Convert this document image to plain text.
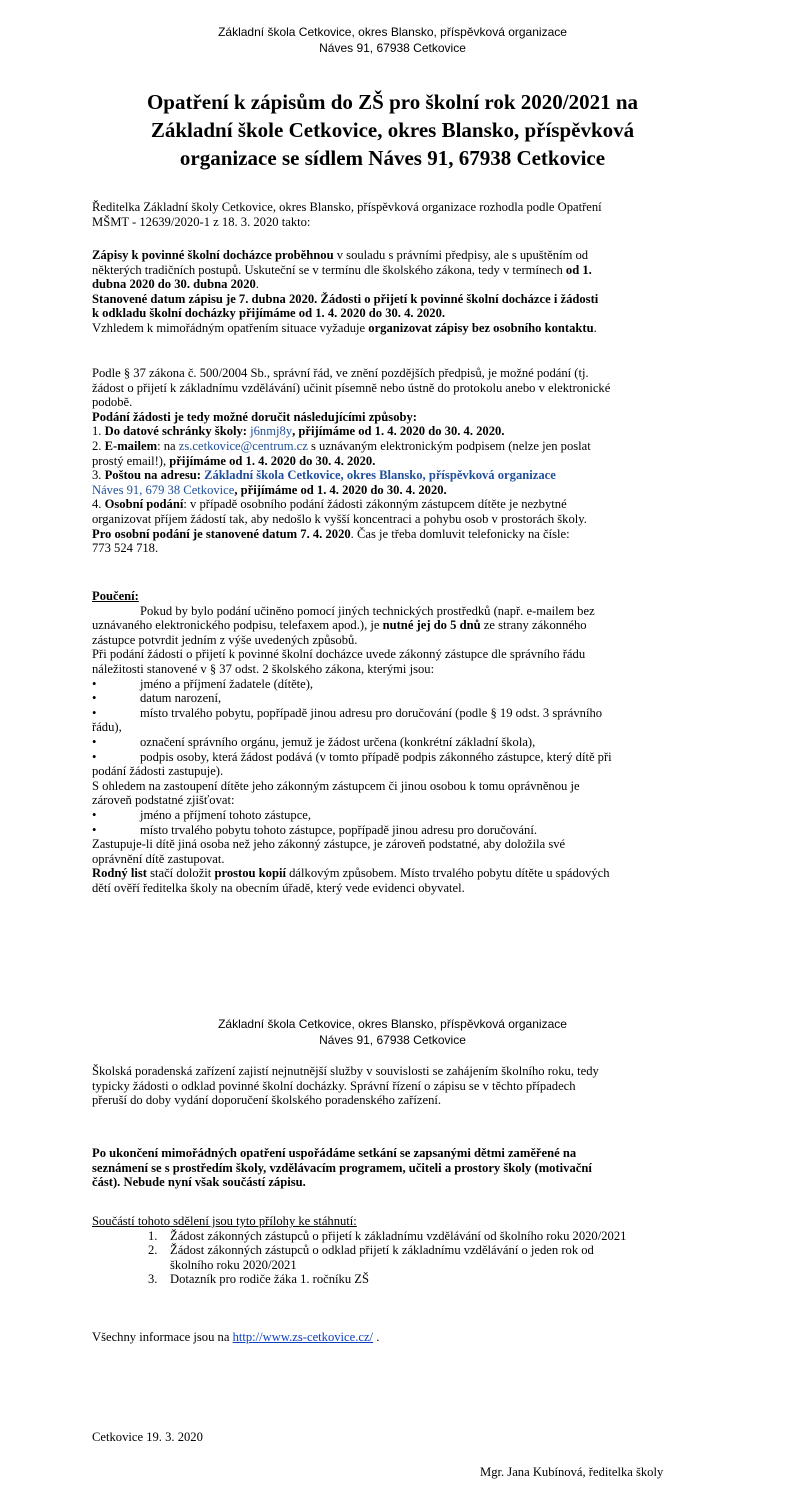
Základní škola Cetkovice, okres Blansko, příspěvková organizace
Náves 91, 67938 Cetkovice
Opatření k zápisům do ZŠ pro školní rok 2020/2021 na
Základní škole Cetkovice, okres Blansko, příspěvková
organizace se sídlem Náves 91, 67938 Cetkovice
Ředitelka Základní školy Cetkovice, okres Blansko, příspěvková organizace rozhodla podle Opatření
MŠMT - 12639/2020-1 z 18. 3. 2020 takto:
Zápisy k povinné školní docházce proběhnou v souladu s právními předpisy, ale s upuštěním od
některých tradičních postupů. Uskuteční se v termínu dle školského zákona, tedy v termínech od 1.
dubna 2020 do 30. dubna 2020.
Stanovené datum zápisu je 7. dubna 2020. Žádosti o přijetí k povinné školní docházce i žádosti
k odkladu školní docházky přijímáme od 1. 4. 2020 do 30. 4. 2020.
Vzhledem k mimořádným opatřením situace vyžaduje organizovat zápisy bez osobního kontaktu.
Podle § 37 zákona č. 500/2004 Sb., správní řád, ve znění pozdějších předpisů, je možné podání (tj.
žádost o přijetí k základnímu vzdělávání) učinit písemně nebo ústně do protokolu anebo v elektronické
podobě.
Podání žádosti je tedy možné doručit následujícími způsoby:
1. Do datové schránky školy: j6nmj8y, přijímáme od 1. 4. 2020 do 30. 4. 2020.
2. E-mailem: na zs.cetkovice@centrum.cz s uznávaným elektronickým podpisem (nelze jen poslat
prostý email!), přijímáme od 1. 4. 2020 do 30. 4. 2020.
3. Poštou na adresu: Základní škola Cetkovice, okres Blansko, příspěvková organizace
Náves 91, 679 38 Cetkovice, přijímáme od 1. 4. 2020 do 30. 4. 2020.
4. Osobní podání: v případě osobního podání žádosti zákonným zástupcem dítěte je nezbytné
organizovat příjem žádostí tak, aby nedošlo k vyšší koncentraci a pohybu osob v prostorách školy.
Pro osobní podání je stanovené datum 7. 4. 2020. Čas je třeba domluvit telefonicky na čísle:
773 524 718.
Poučení:
Pokud by bylo podání učiněno pomocí jiných technických prostředků (např. e-mailem bez
uznávaného elektronického podpisu, telefaxem apod.), je nutné jej do 5 dnů ze strany zákonného
zástupce potvrdit jedním z výše uvedených způsobů.
Při podání žádosti o přijetí k povinné školní docházce uvede zákonný zástupce dle správního řádu
náležitosti stanovené v § 37 odst. 2 školského zákona, kterými jsou:
•	jméno a příjmení žadatele (dítěte),
•	datum narození,
•	místo trvalého pobytu, popřípadě jinou adresu pro doručování (podle § 19 odst. 3 správního
řádu),
•	označení správního orgánu, jemuž je žádost určena (konkrétní základní škola),
•	podpis osoby, která žádost podává (v tomto případě podpis zákonného zástupce, který dítě při
podání žádosti zastupuje).
S ohledem na zastoupení dítěte jeho zákonným zástupcem či jinou osobou k tomu oprávněnou je
zároveň podstatné zjišťovat:
•	jméno a příjmení tohoto zástupce,
•	místo trvalého pobytu tohoto zástupce, popřípadě jinou adresu pro doručování.
Zastupuje-li dítě jiná osoba než jeho zákonný zástupce, je zároveň podstatné, aby doložila své
oprávnění dítě zastupovat.
Rodný list stačí doložit prostou kopií dálkovým způsobem. Místo trvalého pobytu dítěte u spádových
dětí ověří ředitelka školy na obecním úřadě, který vede evidenci obyvatel.
Základní škola Cetkovice, okres Blansko, příspěvková organizace
Náves 91, 67938 Cetkovice
Školská poradenská zařízení zajistí nejnutnější služby v souvislosti se zahájením školního roku, tedy
typicky žádosti o odklad povinné školní docházky. Správní řízení o zápisu se v těchto případech
přeruší do doby vydání doporučení školského poradenského zařízení.
Po ukončení mimořádných opatření uspořádáme setkání se zapsanými dětmi zaměřené na
seznámení se s prostředím školy, vzdělávacím programem, učiteli a prostory školy (motivační
část). Nebude nyní však součástí zápisu.
Součástí tohoto sdělení jsou tyto přílohy ke stáhnutí:
1. Žádost zákonných zástupců o přijetí k základnímu vzdělávání od školního roku 2020/2021
2. Žádost zákonných zástupců o odklad přijetí k základnímu vzdělávání o jeden rok od
školního roku 2020/2021
3. Dotazník pro rodiče žáka 1. ročníku ZŠ
Všechny informace jsou na http://www.zs-cetkovice.cz/ .
Cetkovice 19. 3. 2020
Mgr. Jana Kubínová, ředitelka školy
